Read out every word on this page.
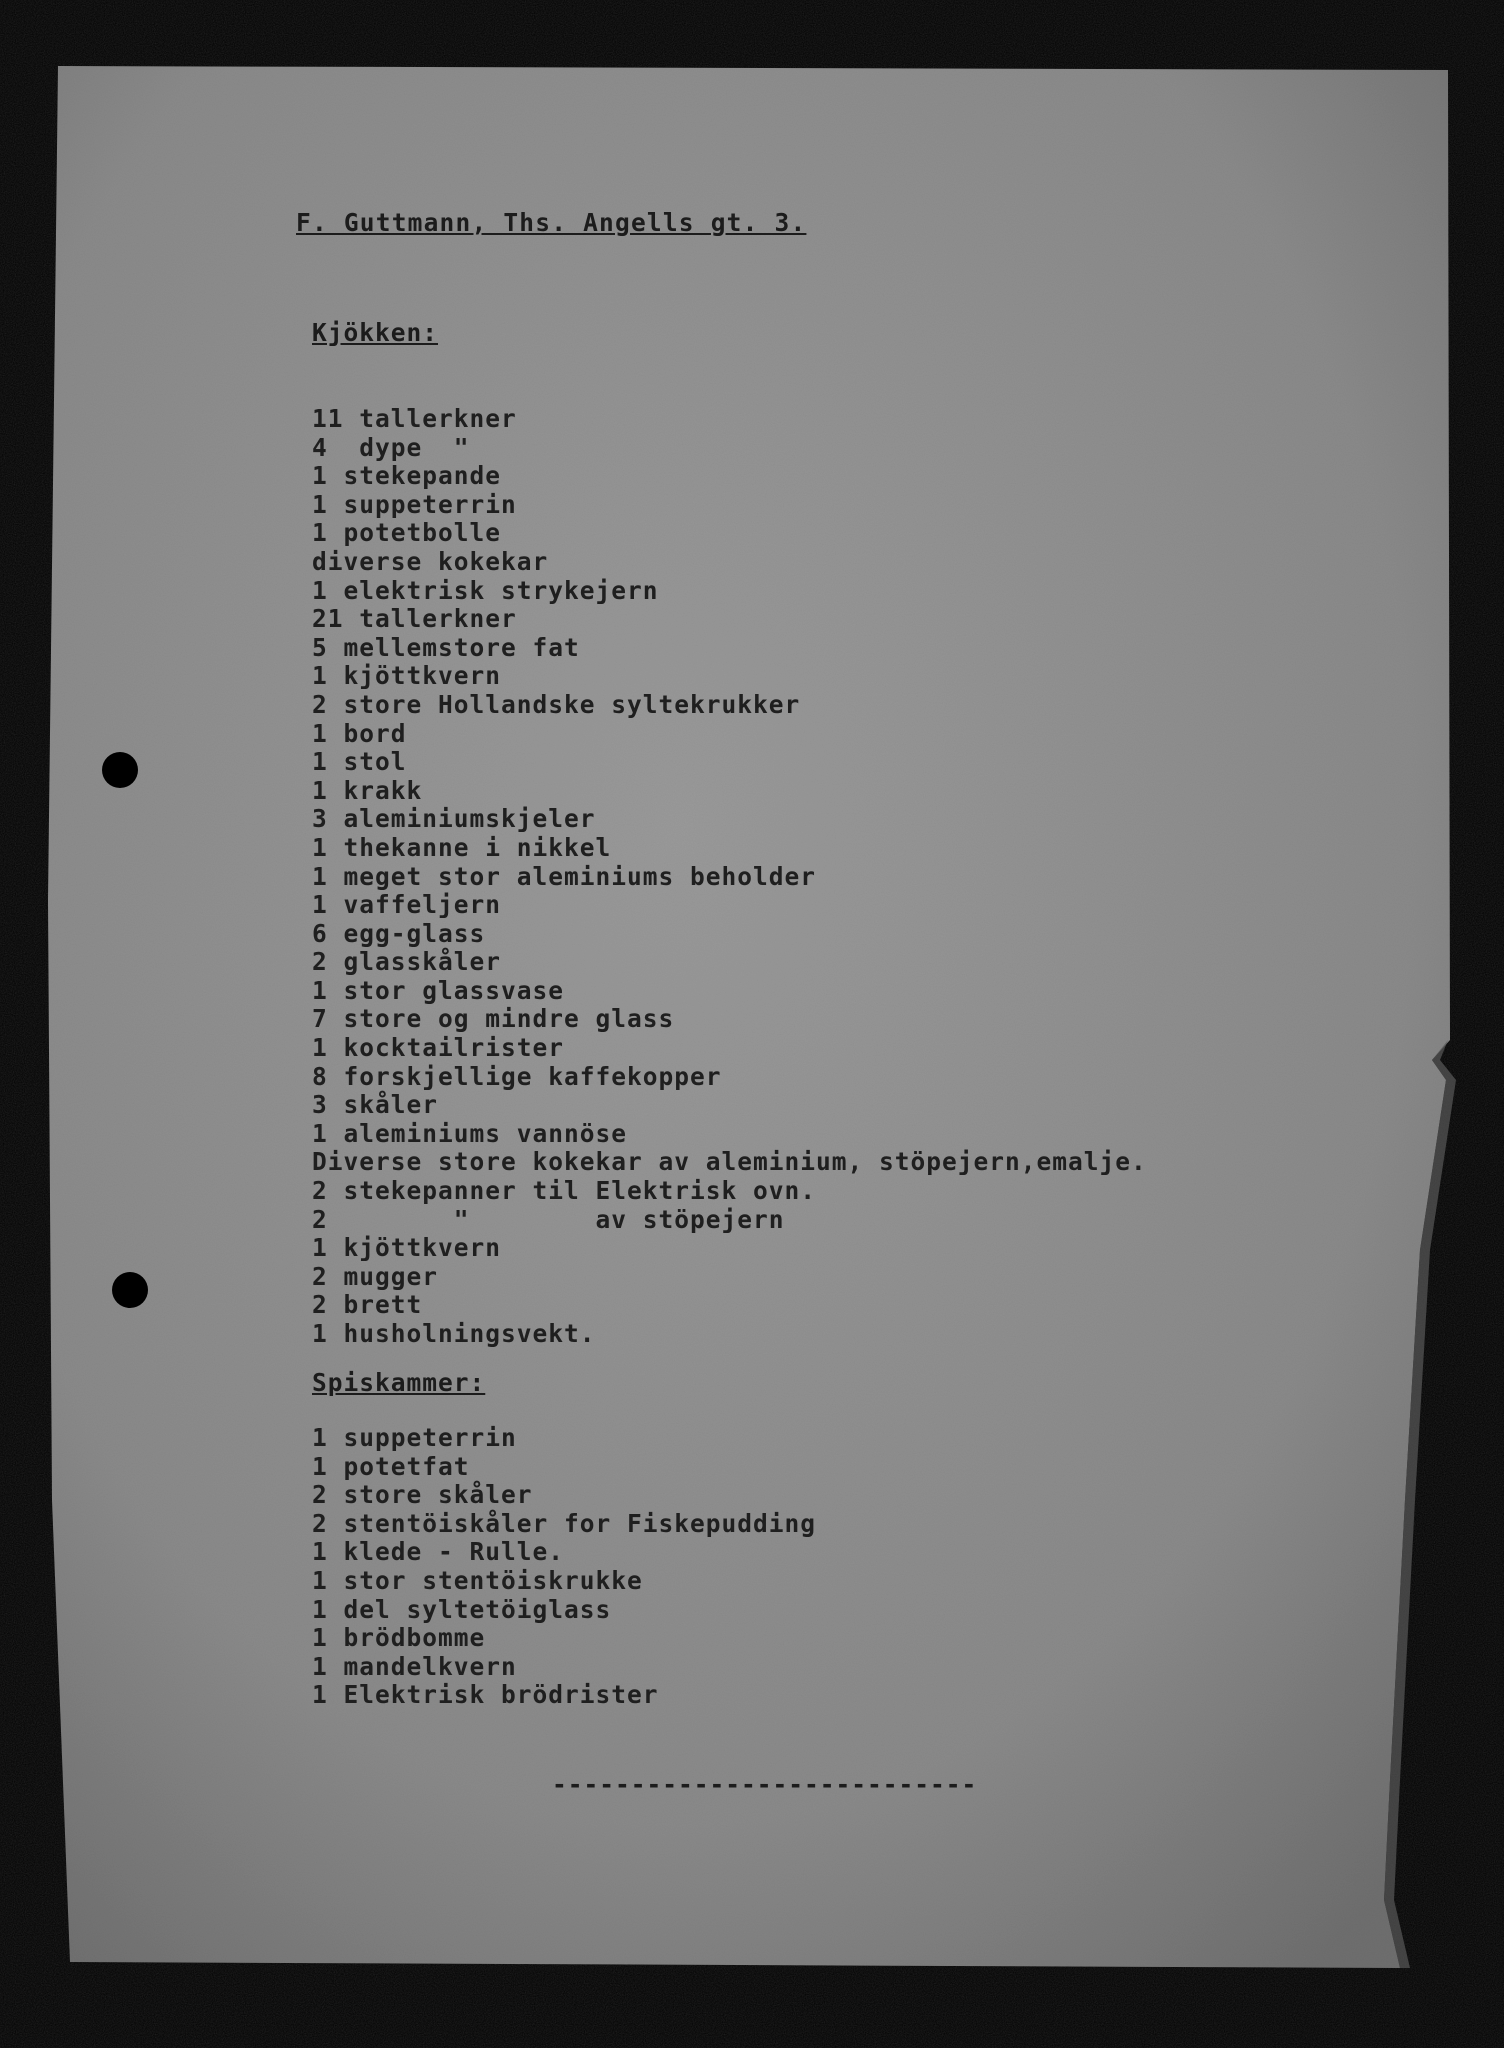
F. Guttmann, Ths. Angells gt. 3.
Kjökken:
11 tallerkner
4  dype  "
1 stekepande
1 suppeterrin
1 potetbolle
diverse kokekar
1 elektrisk strykejern
21 tallerkner
5 mellemstore fat
1 kjöttkvern
2 store Hollandske syltekrukker
1 bord
1 stol
1 krakk
3 aleminiumskjeler
1 thekanne i nikkel
1 meget stor aleminiums beholder
1 vaffeljern
6 egg-glass
2 glasskåler
1 stor glassvase
7 store og mindre glass
1 kocktailrister
8 forskjellige kaffekopper
3 skåler
1 aleminiums vannöse
Diverse store kokekar av aleminium, stöpejern,emalje.
2 stekepanner til Elektrisk ovn.
2        "        av stöpejern
1 kjöttkvern
2 mugger
2 brett
1 husholningsvekt.
Spiskammer:
1 suppeterrin
1 potetfat
2 store skåler
2 stentöiskåler for Fiskepudding
1 klede - Rulle.
1 stor stentöiskrukke
1 del syltetöiglass
1 brödbomme
1 mandelkvern
1 Elektrisk brödrister
---------------------------
